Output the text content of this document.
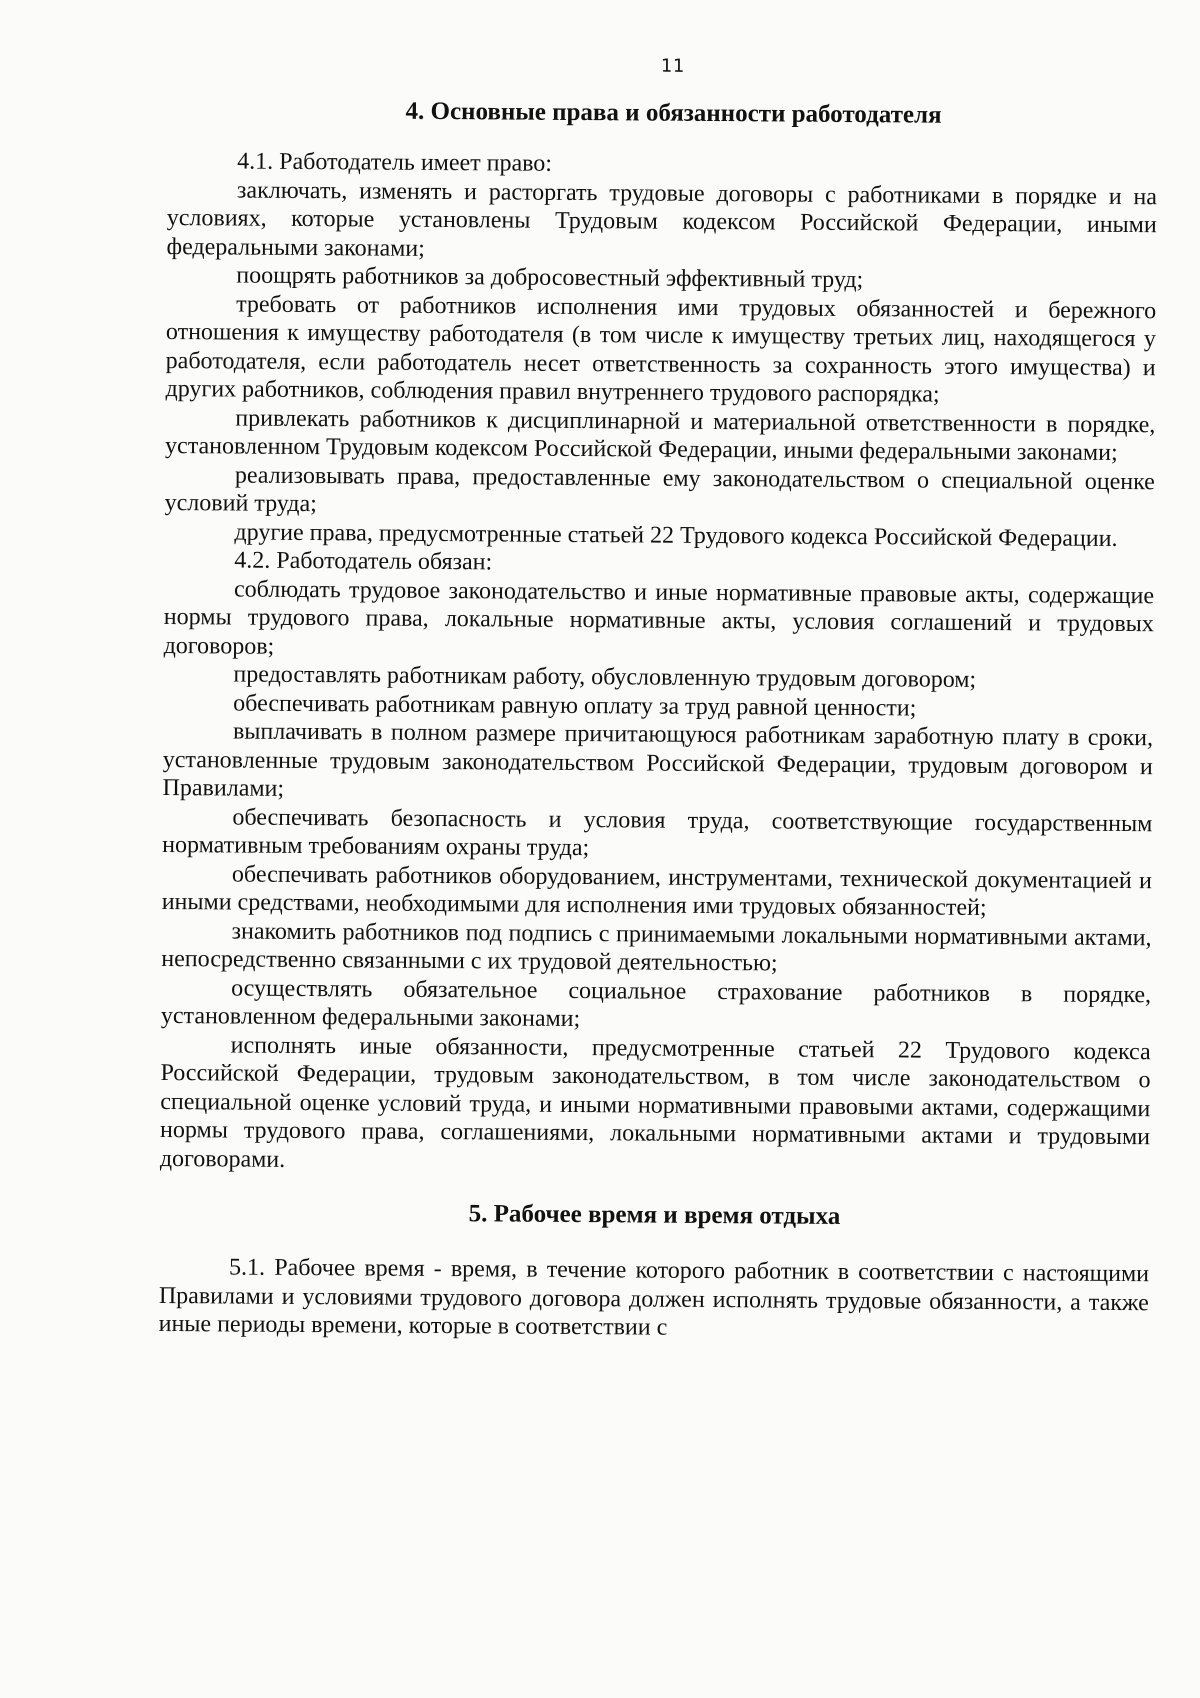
11
4. Основные права и обязанности работодателя

4.1. Работодатель имеет право:

заключать, изменять и расторгать трудовые договоры с работниками в порядке и на условиях, которые установлены Трудовым кодексом Российской Федерации, иными федеральными законами;

поощрять работников за добросовестный эффективный труд;

требовать от работников исполнения ими трудовых обязанностей и бережного отношения к имуществу работодателя (в том числе к имуществу третьих лиц, находящегося у работодателя, если работодатель несет ответственность за сохранность этого имущества) и других работников, соблюдения правил внутреннего трудового распорядка;

привлекать работников к дисциплинарной и материальной ответственности в порядке, установленном Трудовым кодексом Российской Федерации, иными федеральными законами;

реализовывать права, предоставленные ему законодательством о специальной оценке условий труда;

другие права, предусмотренные статьей 22 Трудового кодекса Российской Федерации.

4.2. Работодатель обязан:

соблюдать трудовое законодательство и иные нормативные правовые акты, содержащие нормы трудового права, локальные нормативные акты, условия соглашений и трудовых договоров;

предоставлять работникам работу, обусловленную трудовым договором;

обеспечивать работникам равную оплату за труд равной ценности;

выплачивать в полном размере причитающуюся работникам заработную плату в сроки, установленные трудовым законодательством Российской Федерации, трудовым договором и Правилами;

обеспечивать безопасность и условия труда, соответствующие государственным нормативным требованиям охраны труда;

обеспечивать работников оборудованием, инструментами, технической документацией и иными средствами, необходимыми для исполнения ими трудовых обязанностей;

знакомить работников под подпись с принимаемыми локальными нормативными актами, непосредственно связанными с их трудовой деятельностью;

осуществлять обязательное социальное страхование работников в порядке, установленном федеральными законами;

исполнять иные обязанности, предусмотренные статьей 22 Трудового кодекса Российской Федерации, трудовым законодательством, в том числе законодательством о специальной оценке условий труда, и иными нормативными правовыми актами, содержащими нормы трудового права, соглашениями, локальными нормативными актами и трудовыми договорами.

5. Рабочее время и время отдыха

5.1. Рабочее время - время, в течение которого работник в соответствии с настоящими Правилами и условиями трудового договора должен исполнять трудовые обязанности, а также иные периоды времени, которые в соответствии с
